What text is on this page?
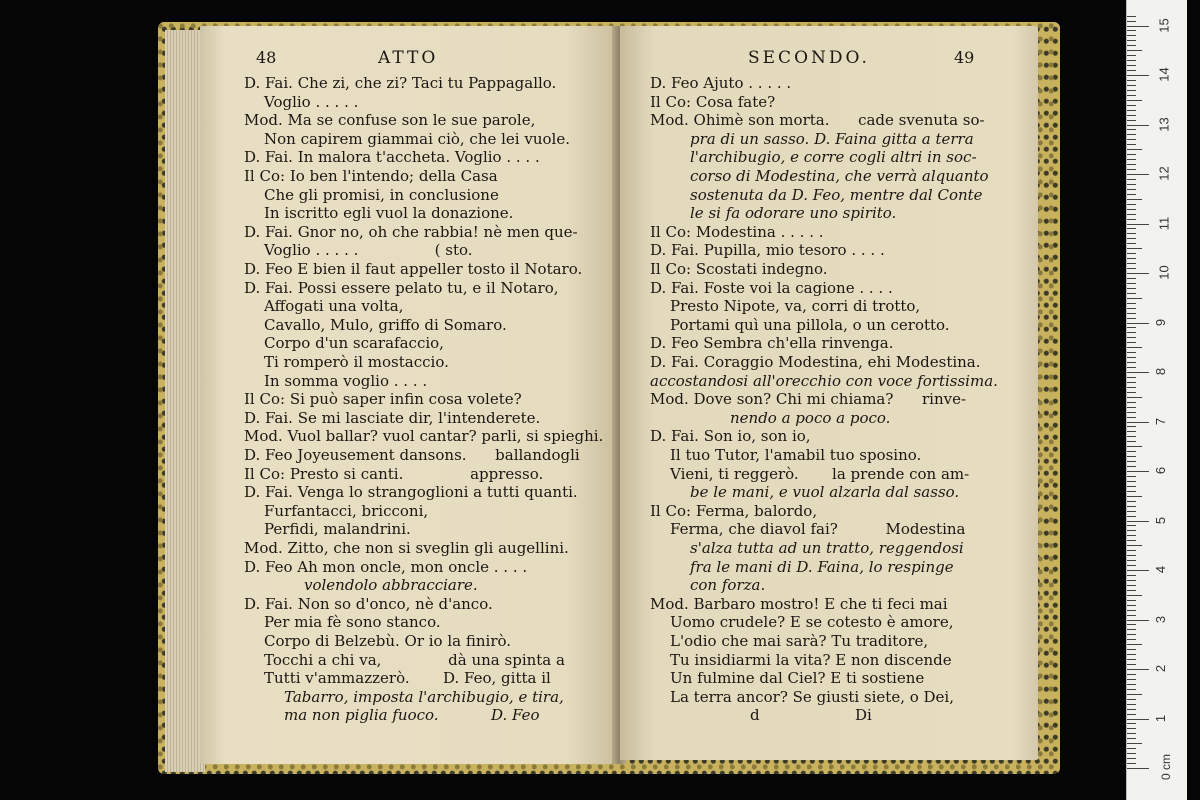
48	ATTO
D. Fai. Che zi, che zi? Taci tu Pappagallo.
Voglio . . . . .
Mod. Ma se confuse son le sue parole,
Non capirem giammai ciò, che lei vuole.
D. Fai. In malora t'accheta. Voglio . . . .
Il Co: Io ben l'intendo; della Casa
Che gli promisi, in conclusione
In iscritto egli vuol la donazione.
D. Fai. Gnor no, oh che rabbia! nè men que-
Voglio . . . . .                ( sto.
D. Feo E bien il faut appeller tosto il Notaro.
D. Fai. Possi essere pelato tu, e il Notaro,
Affogati una volta,
Cavallo, Mulo, griffo di Somaro.
Corpo d'un scarafaccio,
Ti romperò il mostaccio.
In somma voglio . . . .
Il Co: Si può saper infin cosa volete?
D. Fai. Se mi lasciate dir, l'intenderete.
Mod. Vuol ballar? vuol cantar? parli, si spieghi.
D. Feo Joyeusement dansons.      ballandogli
Il Co: Presto si canti.              appresso.
D. Fai. Venga lo strangoglioni a tutti quanti.
Furfantacci, bricconi,
Perfidi, malandrini.
Mod. Zitto, che non si sveglin gli augellini.
D. Feo Ah mon oncle, mon oncle . . . .
volendolo abbracciare.
D. Fai. Non so d'onco, nè d'anco.
Per mia fè sono stanco.
Corpo di Belzebù. Or io la finirò.
Tocchi a chi va,              dà una spinta a
Tutti v'ammazzerò.       D. Feo, gitta il
Tabarro, imposta l'archibugio, e tira,
ma non piglia fuoco.           D. Feo
SECONDO.	49
D. Feo Ajuto . . . . .
Il Co: Cosa fate?
Mod. Ohimè son morta.      cade svenuta so-
pra di un sasso. D. Faina gitta a terra
l'archibugio, e corre cogli altri in soc-
corso di Modestina, che verrà alquanto
sostenuta da D. Feo, mentre dal Conte
le si fa odorare uno spirito.
Il Co: Modestina . . . . .
D. Fai. Pupilla, mio tesoro . . . .
Il Co: Scostati indegno.
D. Fai. Foste voi la cagione . . . .
Presto Nipote, va, corri di trotto,
Portami quì una pillola, o un cerotto.
D. Feo Sembra ch'ella rinvenga.
D. Fai. Coraggio Modestina, ehi Modestina.
accostandosi all'orecchio con voce fortissima.
Mod. Dove son? Chi mi chiama?      rinve-
nendo a poco a poco.
D. Fai. Son io, son io,
Il tuo Tutor, l'amabil tuo sposino.
Vieni, ti reggerò.       la prende con am-
be le mani, e vuol alzarla dal sasso.
Il Co: Ferma, balordo,
Ferma, che diavol fai?          Modestina
s'alza tutta ad un tratto, reggendosi
fra le mani di D. Faina, lo respinge
con forza.
Mod. Barbaro mostro! E che ti feci mai
Uomo crudele? E se cotesto è amore,
L'odio che mai sarà? Tu traditore,
Tu insidiarmi la vita? E non discende
Un fulmine dal Ciel? E ti sostiene
La terra ancor? Se giusti siete, o Dei,
d                    Di	1
2
3
4
5
6
7
8
9
10
11
12
13
14
15
0 cm
